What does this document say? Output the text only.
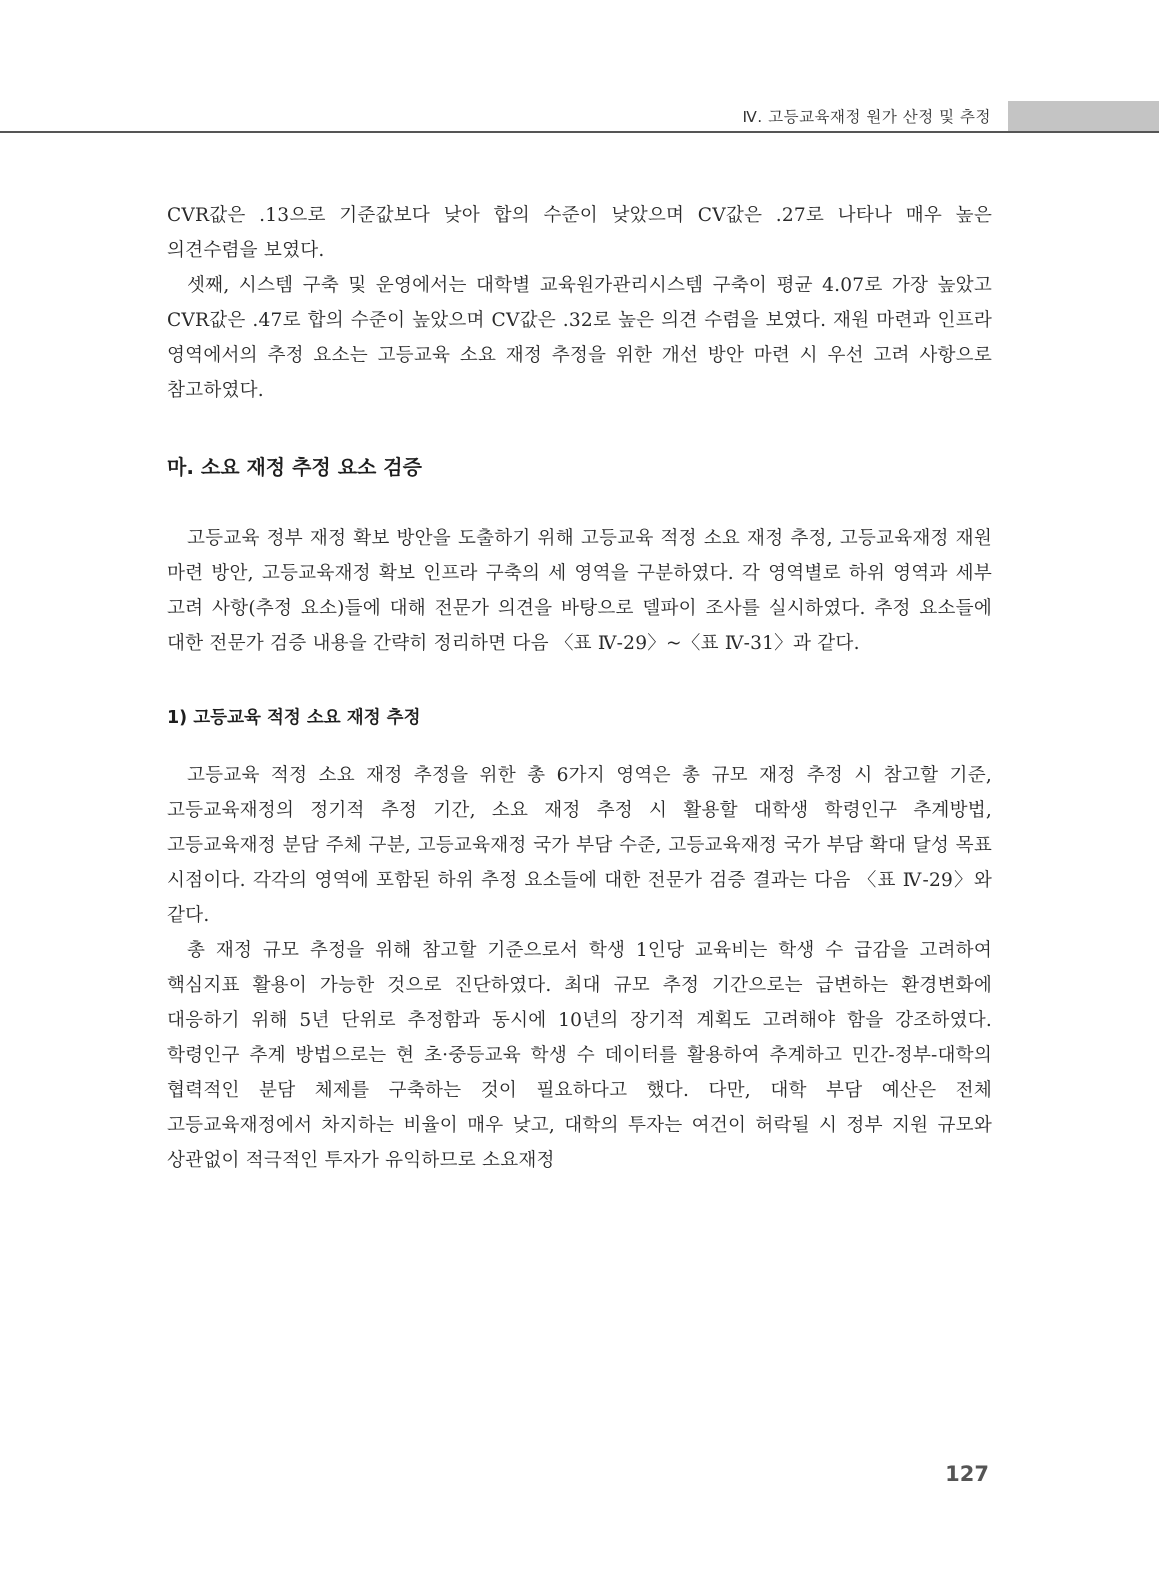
Ⅳ. 고등교육재정 원가 산정 및 추정

CVR값은 .13으로 기준값보다 낮아 합의 수준이 낮았으며 CV값은 .27로 나타나 매우 높은 의견수렴을 보였다.

셋째, 시스템 구축 및 운영에서는 대학별 교육원가관리시스템 구축이 평균 4.07로 가장 높았고 CVR값은 .47로 합의 수준이 높았으며 CV값은 .32로 높은 의견 수렴을 보였다. 재원 마련과 인프라 영역에서의 추정 요소는 고등교육 소요 재정 추정을 위한 개선 방안 마련 시 우선 고려 사항으로 참고하였다.

마. 소요 재정 추정 요소 검증

고등교육 정부 재정 확보 방안을 도출하기 위해 고등교육 적정 소요 재정 추정, 고등교육재정 재원 마련 방안, 고등교육재정 확보 인프라 구축의 세 영역을 구분하였다. 각 영역별로 하위 영역과 세부 고려 사항(추정 요소)들에 대해 전문가 의견을 바탕으로 델파이 조사를 실시하였다. 추정 요소들에 대한 전문가 검증 내용을 간략히 정리하면 다음 〈표 Ⅳ-29〉~〈표 Ⅳ-31〉과 같다.

1) 고등교육 적정 소요 재정 추정

고등교육 적정 소요 재정 추정을 위한 총 6가지 영역은 총 규모 재정 추정 시 참고할 기준, 고등교육재정의 정기적 추정 기간, 소요 재정 추정 시 활용할 대학생 학령인구 추계방법, 고등교육재정 분담 주체 구분, 고등교육재정 국가 부담 수준, 고등교육재정 국가 부담 확대 달성 목표 시점이다. 각각의 영역에 포함된 하위 추정 요소들에 대한 전문가 검증 결과는 다음 〈표 Ⅳ-29〉와 같다.

총 재정 규모 추정을 위해 참고할 기준으로서 학생 1인당 교육비는 학생 수 급감을 고려하여 핵심지표 활용이 가능한 것으로 진단하였다. 최대 규모 추정 기간으로는 급변하는 환경변화에 대응하기 위해 5년 단위로 추정함과 동시에 10년의 장기적 계획도 고려해야 함을 강조하였다. 학령인구 추계 방법으로는 현 초·중등교육 학생 수 데이터를 활용하여 추계하고 민간-정부-대학의 협력적인 분담 체제를 구축하는 것이 필요하다고 했다. 다만, 대학 부담 예산은 전체 고등교육재정에서 차지하는 비율이 매우 낮고, 대학의 투자는 여건이 허락될 시 정부 지원 규모와 상관없이 적극적인 투자가 유익하므로 소요재정

127
